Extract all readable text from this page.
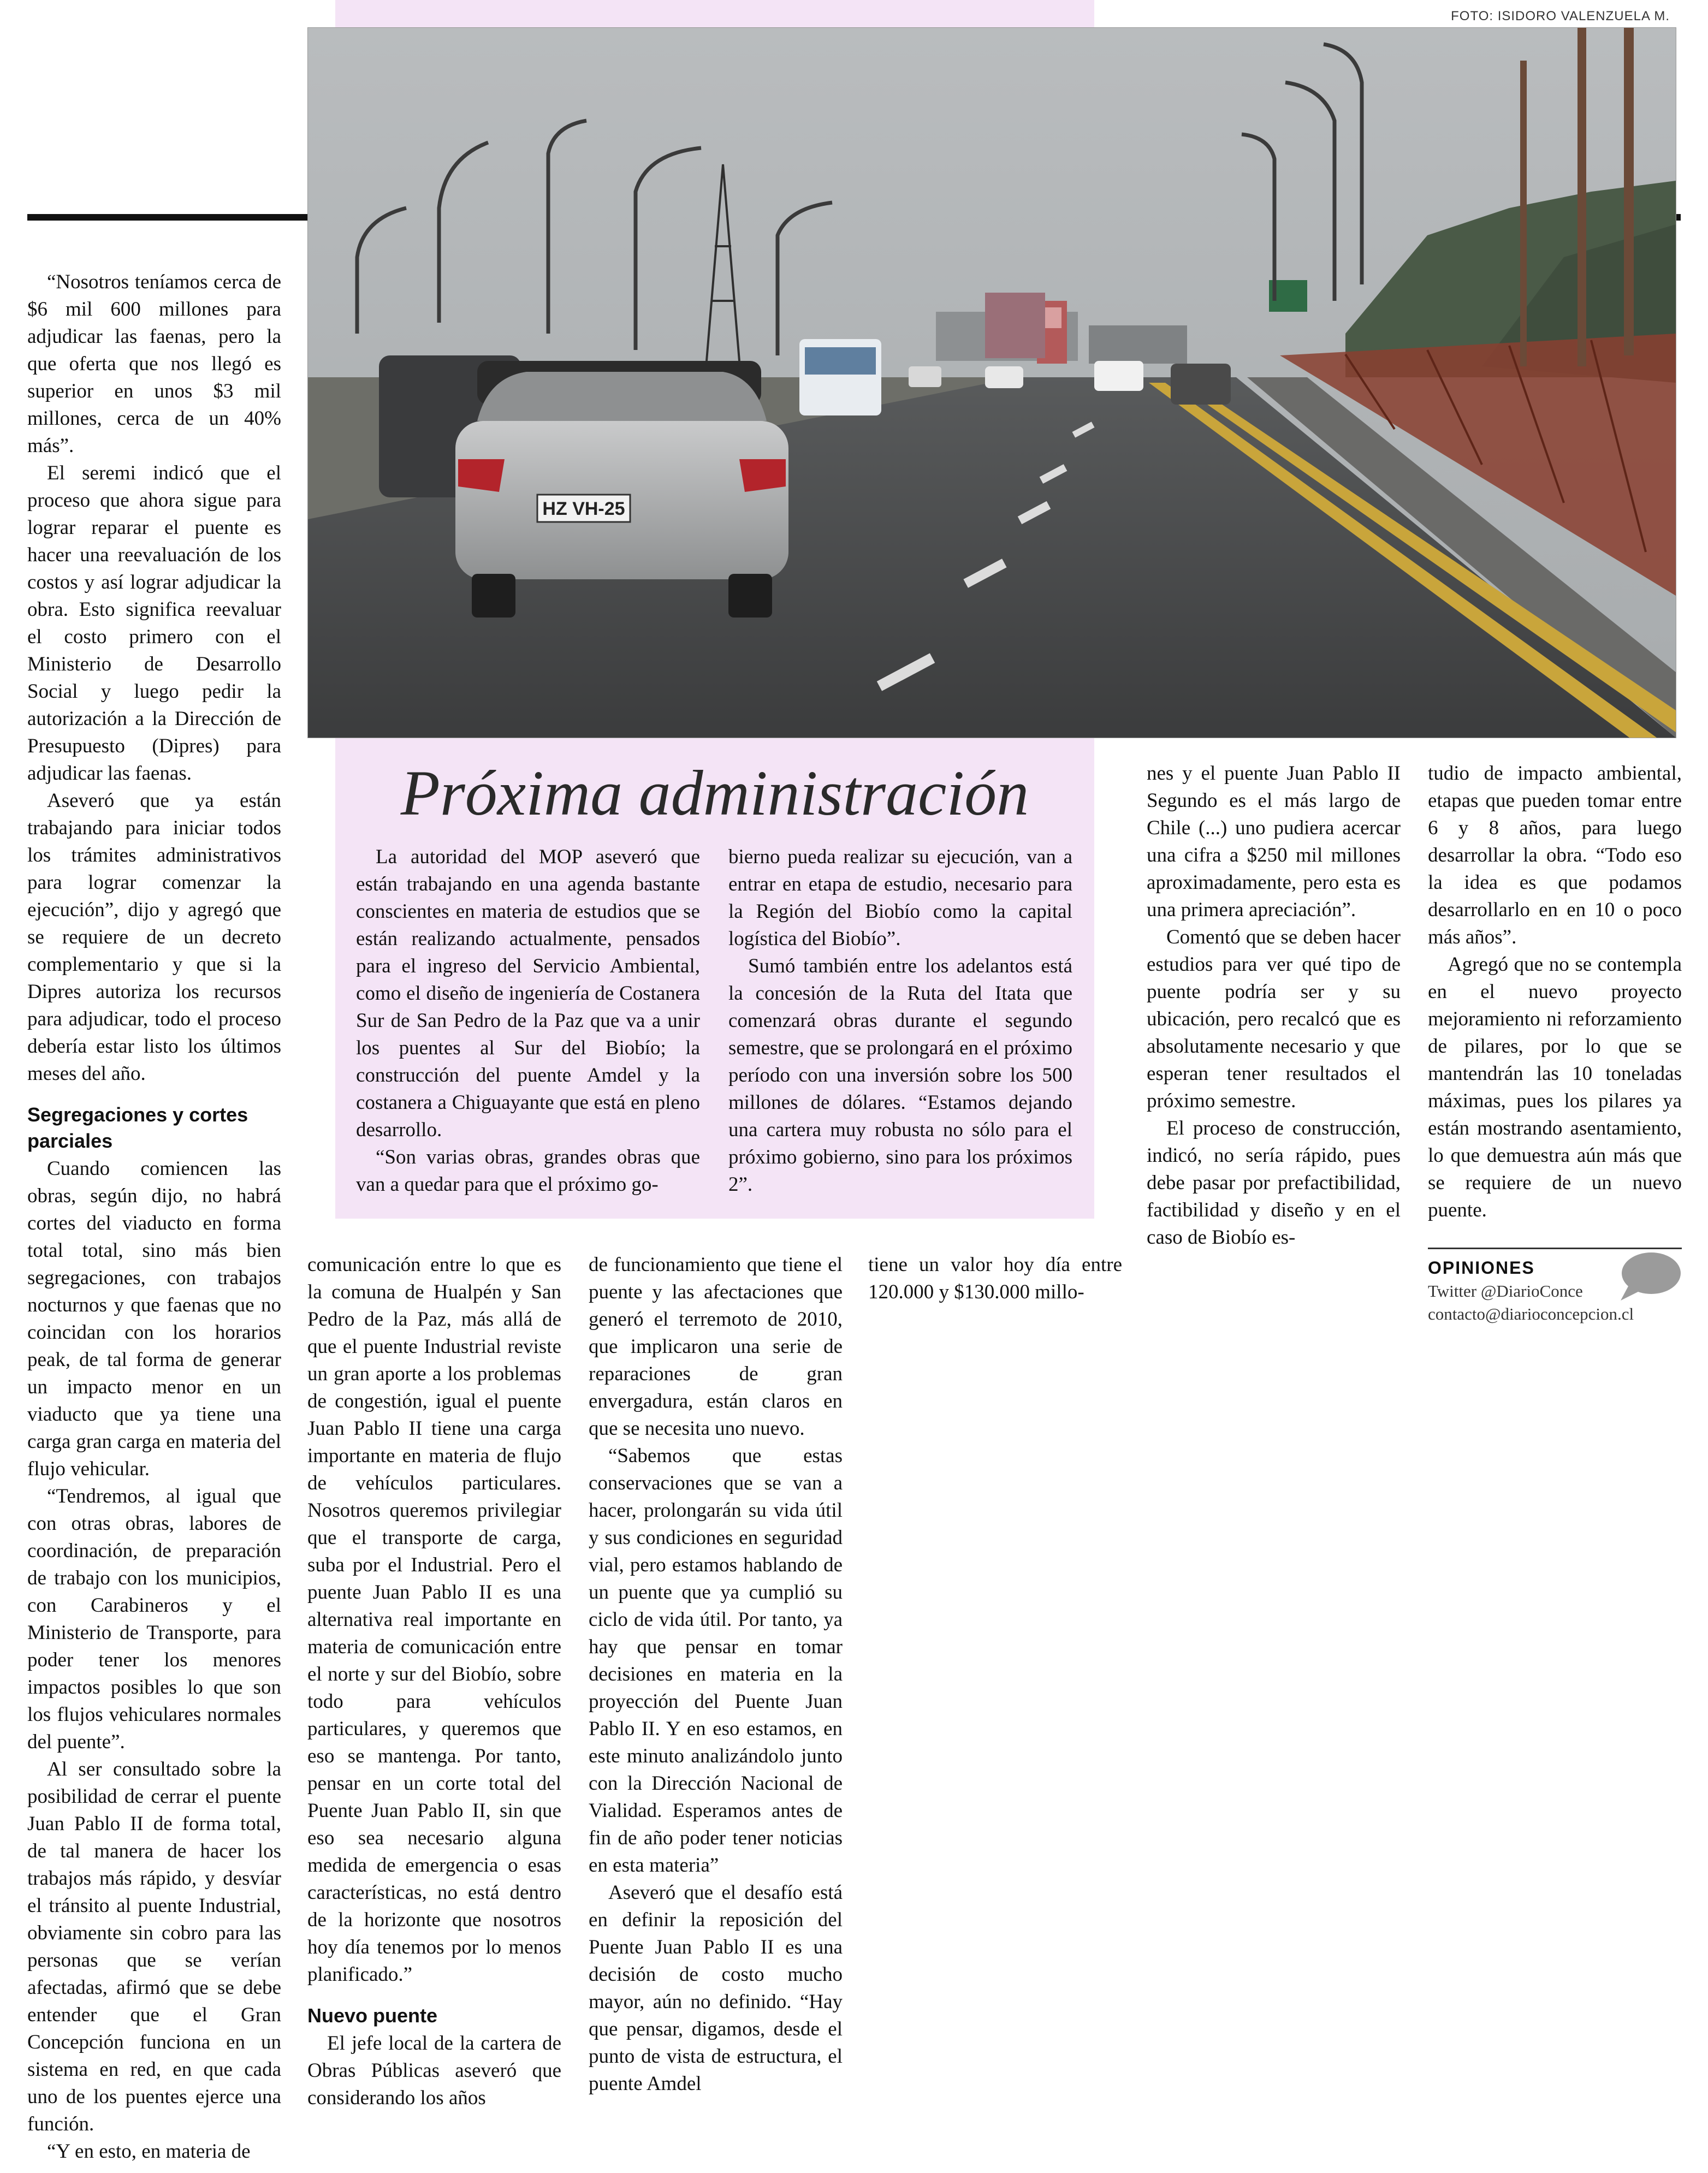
FOTO: ISIDORO VALENZUELA M.
HZ VH-25
Próxima administración

La autoridad del MOP aseveró que están trabajando en una agenda bastante conscientes en materia de estudios que se están realizando actualmente, pensados para el ingreso del Servicio Ambiental, como el diseño de ingeniería de Costanera Sur de San Pedro de la Paz que va a unir los puentes al Sur del Biobío; la construcción del puente Amdel y la costanera a Chiguayante que está en pleno desarrollo.

“Son varias obras, grandes obras que van a quedar para que el próximo go-

bierno pueda realizar su ejecución, van a entrar en etapa de estudio, necesario para la Región del Biobío como la capital logística del Biobío”.

Sumó también entre los adelantos está la concesión de la Ruta del Itata que comenzará obras durante el segundo semestre, que se prolongará en el próximo período con una inversión sobre los 500 millones de dólares. “Estamos dejando una cartera muy robusta no sólo para el próximo gobierno, sino para los próximos 2”.

“Nosotros teníamos cerca de $6 mil 600 millones para adjudicar las faenas, pero la que oferta que nos llegó es superior en unos $3 mil millones, cerca de un 40% más”.

El seremi indicó que el proceso que ahora sigue para lograr reparar el puente es hacer una reevaluación de los costos y así lograr adjudicar la obra. Esto significa reevaluar el costo primero con el Ministerio de Desarrollo Social y luego pedir la autorización a la Dirección de Presupuesto (Dipres) para adjudicar las faenas.

Aseveró que ya están trabajando para iniciar todos los trámites administrativos para lograr comenzar la ejecución”, dijo y agregó que se requiere de un decreto complementario y que si la Dipres autoriza los recursos para adjudicar, todo el proceso debería estar listo los últimos meses del año.

Segregaciones y cortes parciales

Cuando comiencen las obras, según dijo, no habrá cortes del viaducto en forma total total, sino más bien segregaciones, con trabajos nocturnos y que faenas que no coincidan con los horarios peak, de tal forma de generar un impacto menor en un viaducto que ya tiene una carga gran carga en materia del flujo vehicular.

“Tendremos, al igual que con otras obras, labores de coordinación, de preparación de trabajo con los municipios, con Carabineros y el Ministerio de Transporte, para poder tener los menores impactos posibles lo que son los flujos vehiculares normales del puente”.

Al ser consultado sobre la posibilidad de cerrar el puente Juan Pablo II de forma total, de tal manera de hacer los trabajos más rápido, y desvíar el tránsito al puente Industrial, obviamente sin cobro para las personas que se verían afectadas, afirmó que se debe entender que el Gran Concepción funciona en un sistema en red, en que cada uno de los puentes ejerce una función.

“Y en esto, en materia de

comunicación entre lo que es la comuna de Hualpén y San Pedro de la Paz, más allá de que el puente Industrial reviste un gran aporte a los problemas de congestión, igual el puente Juan Pablo II tiene una carga importante en materia de flujo de vehículos particulares. Nosotros queremos privilegiar que el transporte de carga, suba por el Industrial. Pero el puente Juan Pablo II es una alternativa real importante en materia de comunicación entre el norte y sur del Biobío, sobre todo para vehículos particulares, y queremos que eso se mantenga. Por tanto, pensar en un corte total del Puente Juan Pablo II, sin que eso sea necesario alguna medida de emergencia o esas características, no está dentro de la horizonte que nosotros hoy día tenemos por lo menos planificado.”

Nuevo puente

El jefe local de la cartera de Obras Públicas aseveró que considerando los años

de funcionamiento que tiene el puente y las afectaciones que generó el terremoto de 2010, que implicaron una serie de reparaciones de gran envergadura, están claros en que se necesita uno nuevo.

“Sabemos que estas conservaciones que se van a hacer, prolongarán su vida útil y sus condiciones en seguridad vial, pero estamos hablando de un puente que ya cumplió su ciclo de vida útil. Por tanto, ya hay que pensar en tomar decisiones en materia en la proyección del Puente Juan Pablo II. Y en eso estamos, en este minuto analizándolo junto con la Dirección Nacional de Vialidad. Esperamos antes de fin de año poder tener noticias en esta materia”

Aseveró que el desafío está en definir la reposición del Puente Juan Pablo II es una decisión de costo mucho mayor, aún no definido. “Hay que pensar, digamos, desde el punto de vista de estructura, el puente Amdel

tiene un valor hoy día entre 120.000 y $130.000 millo-

nes y el puente Juan Pablo II Segundo es el más largo de Chile (...) uno pudiera acercar una cifra a $250 mil millones aproximadamente, pero esta es una primera apreciación”.

Comentó que se deben hacer estudios para ver qué tipo de puente podría ser y su ubicación, pero recalcó que es absolutamente necesario y que esperan tener resultados el próximo semestre.

El proceso de construcción, indicó, no sería rápido, pues debe pasar por prefactibilidad, factibilidad y diseño y en el caso de Biobío es-

tudio de impacto ambiental, etapas que pueden tomar entre 6 y 8 años, para luego desarrollar la obra. “Todo eso la idea es que podamos desarrollarlo en en 10 o poco más años”.

Agregó que no se contempla en el nuevo proyecto mejoramiento ni reforzamiento de pilares, por lo que se mantendrán las 10 toneladas máximas, pues los pilares ya están mostrando asentamiento, lo que demuestra aún más que se requiere de un nuevo puente.

OPINIONES
Twitter @DiarioConce
contacto@diarioconcepcion.cl
